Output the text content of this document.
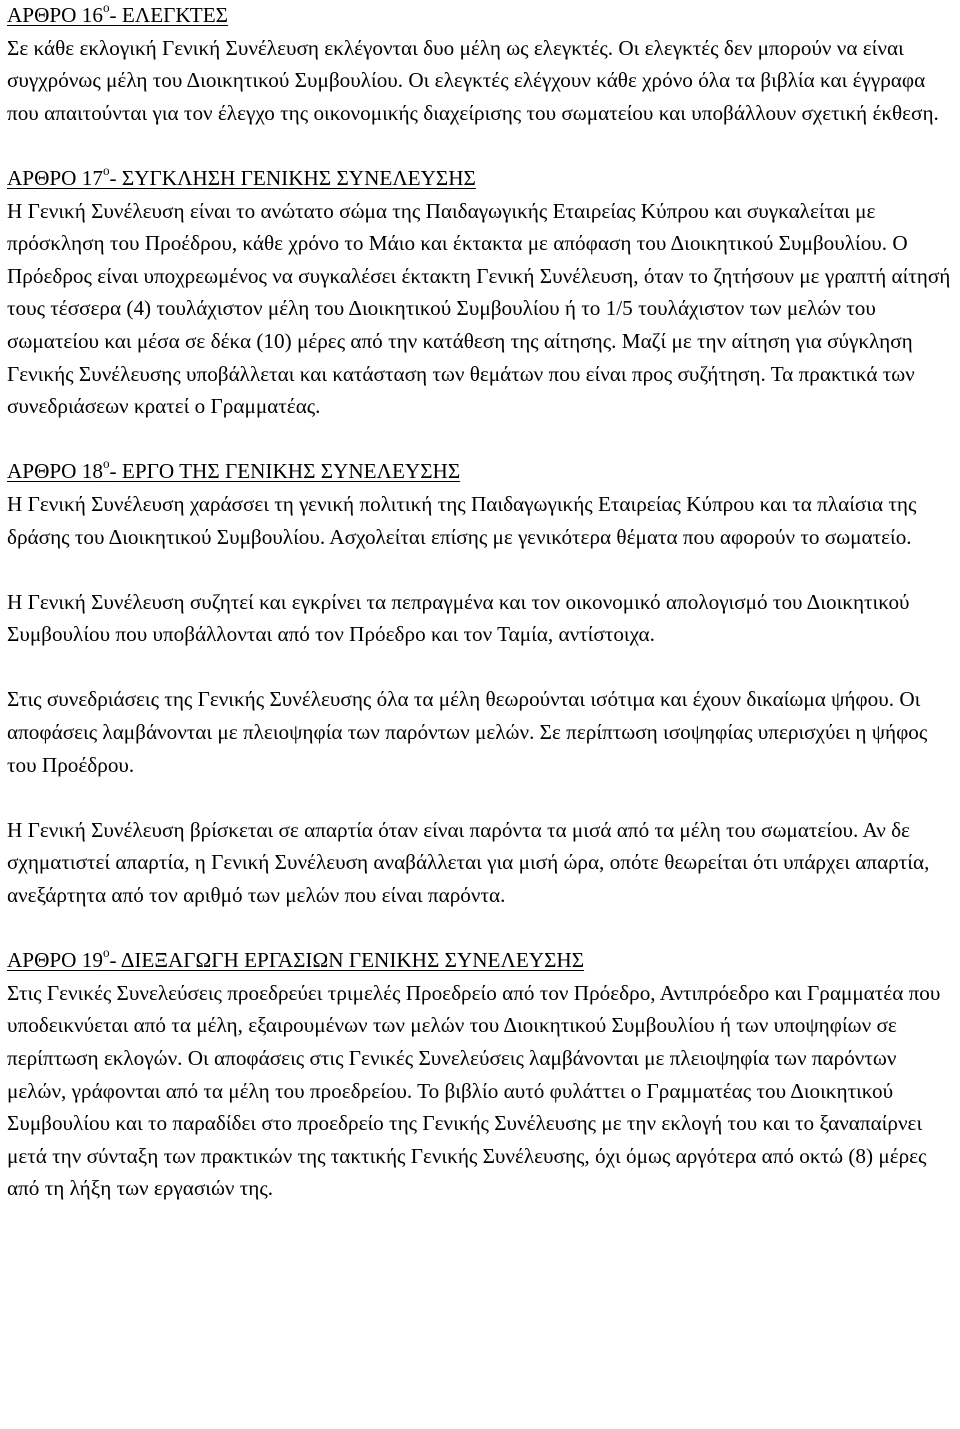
ΑΡΘΡΟ $16^o-$ ΕΛΕΓΚΤΕΣ

Σε κάθε εκλογική Γενική Συνέλευση εκλέγονται δυο μέλη ως ελεγκτές. Οι ελεγκτές δεν μπορούν να είναι συγχρόνως μέλη του Διοικητικού Συμβουλίου. Οι ελεγκτές ελέγχουν κάθε χρόνο όλα τα βιβλία και έγγραφα που απαιτούνται για τον έλεγχο της οικονομικής διαχείρισης του σωματείου και υποβάλλουν σχετική έκθεση.

ΑΡΘΡΟ $17^o-$ ΣΥΓΚΛΗΣΗ ΓΕΝΙΚΗΣ ΣΥΝΕΛΕΥΣΗΣ

Η Γενική Συνέλευση είναι το ανώτατο σώμα της Παιδαγωγικής Εταιρείας Κύπρου και συγκαλείται με πρόσκληση του Προέδρου, κάθε χρόνο το Μάιο και έκτακτα με απόφαση του Διοικητικού Συμβουλίου. Ο Πρόεδρος είναι υποχρεωμένος να συγκαλέσει έκτακτη Γενική Συνέλευση, όταν το ζητήσουν με γραπτή αίτησή τους τέσσερα (4) τουλάχιστον μέλη του Διοικητικού Συμβουλίου ή το 1/5 τουλάχιστον των μελών του σωματείου και μέσα σε δέκα (10) μέρες από την κατάθεση της αίτησης. Μαζί με την αίτηση για σύγκληση Γενικής Συνέλευσης υποβάλλεται και κατάσταση των θεμάτων που είναι προς συζήτηση. Τα πρακτικά των συνεδριάσεων κρατεί ο Γραμματέας.

ΑΡΘΡΟ $18^o-$ ΕΡΓΟ ΤΗΣ ΓΕΝΙΚΗΣ ΣΥΝΕΛΕΥΣΗΣ

Η Γενική Συνέλευση χαράσσει τη γενική πολιτική της Παιδαγωγικής Εταιρείας Κύπρου και τα πλαίσια της δράσης του Διοικητικού Συμβουλίου. Ασχολείται επίσης με γενικότερα θέματα που αφορούν το σωματείο.

Η Γενική Συνέλευση συζητεί και εγκρίνει τα πεπραγμένα και τον οικονομικό απολογισμό του Διοικητικού Συμβουλίου που υποβάλλονται από τον Πρόεδρο και τον Ταμία, αντίστοιχα.

Στις συνεδριάσεις της Γενικής Συνέλευσης όλα τα μέλη θεωρούνται ισότιμα και έχουν δικαίωμα ψήφου. Οι αποφάσεις λαμβάνονται με πλειοψηφία των παρόντων μελών. Σε περίπτωση ισοψηφίας υπερισχύει η ψήφος του Προέδρου.

Η Γενική Συνέλευση βρίσκεται σε απαρτία όταν είναι παρόντα τα μισά από τα μέλη του σωματείου. Αν δε σχηματιστεί απαρτία, η Γενική Συνέλευση αναβάλλεται για μισή ώρα, οπότε θεωρείται ότι υπάρχει απαρτία, ανεξάρτητα από τον αριθμό των μελών που είναι παρόντα.

ΑΡΘΡΟ $19^o-$ ΔΙΕΞΑΓΩΓΗ ΕΡΓΑΣΙΩΝ ΓΕΝΙΚΗΣ ΣΥΝΕΛΕΥΣΗΣ

Στις Γενικές Συνελεύσεις προεδρεύει τριμελές Προεδρείο από τον Πρόεδρο, Αντιπρόεδρο και Γραμματέα που υποδεικνύεται από τα μέλη, εξαιρουμένων των μελών του Διοικητικού Συμβουλίου ή των υποψηφίων σε περίπτωση εκλογών. Οι αποφάσεις στις Γενικές Συνελεύσεις λαμβάνονται με πλειοψηφία των παρόντων μελών, γράφονται από τα μέλη του προεδρείου. Το βιβλίο αυτό φυλάττει ο Γραμματέας του Διοικητικού Συμβουλίου και το παραδίδει στο προεδρείο της Γενικής Συνέλευσης με την εκλογή του και το ξαναπαίρνει μετά την σύνταξη των πρακτικών της τακτικής Γενικής Συνέλευσης, όχι όμως αργότερα από οκτώ (8) μέρες από τη λήξη των εργασιών της.
